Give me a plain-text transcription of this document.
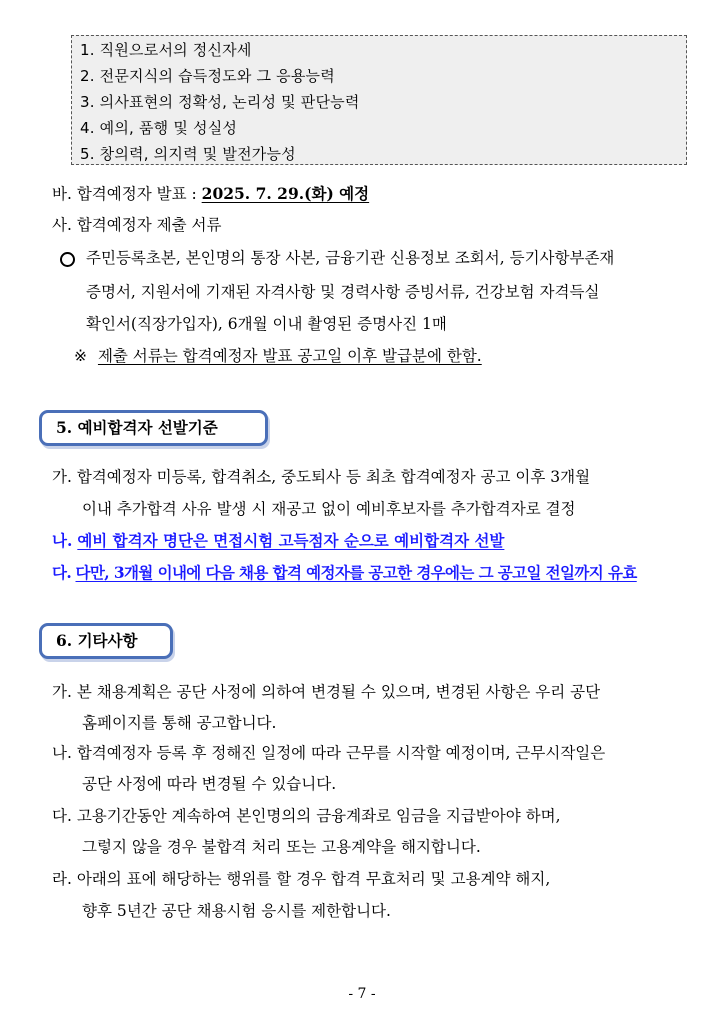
1. 직원으로서의 정신자세
2. 전문지식의 습득정도와 그 응용능력
3. 의사표현의 정확성, 논리성 및 판단능력
4. 예의, 품행 및 성실성
5. 창의력, 의지력 및 발전가능성
바. 합격예정자 발표 : 2025. 7. 29.(화) 예정
사. 합격예정자 제출 서류
주민등록초본, 본인명의 통장 사본, 금융기관 신용정보 조회서, 등기사항부존재
증명서, 지원서에 기재된 자격사항 및 경력사항 증빙서류, 건강보험 자격득실
확인서(직장가입자), 6개월 이내 촬영된 증명사진 1매
※ 제출 서류는 합격예정자 발표 공고일 이후 발급분에 한함.
5. 예비합격자 선발기준
가. 합격예정자 미등록, 합격취소, 중도퇴사 등 최초 합격예정자 공고 이후 3개월
이내 추가합격 사유 발생 시 재공고 없이 예비후보자를 추가합격자로 결정
나. 예비 합격자 명단은 면접시험 고득점자 순으로 예비합격자 선발
다. 다만, 3개월 이내에 다음 채용 합격 예정자를 공고한 경우에는 그 공고일 전일까지 유효
6. 기타사항
가. 본 채용계획은 공단 사정에 의하여 변경될 수 있으며, 변경된 사항은 우리 공단
홈페이지를 통해 공고합니다.
나. 합격예정자 등록 후 정해진 일정에 따라 근무를 시작할 예정이며, 근무시작일은
공단 사정에 따라 변경될 수 있습니다.
다. 고용기간동안 계속하여 본인명의의 금융계좌로 임금을 지급받아야 하며,
그렇지 않을 경우 불합격 처리 또는 고용계약을 해지합니다.
라. 아래의 표에 해당하는 행위를 할 경우 합격 무효처리 및 고용계약 해지,
향후 5년간 공단 채용시험 응시를 제한합니다.
- 7 -
